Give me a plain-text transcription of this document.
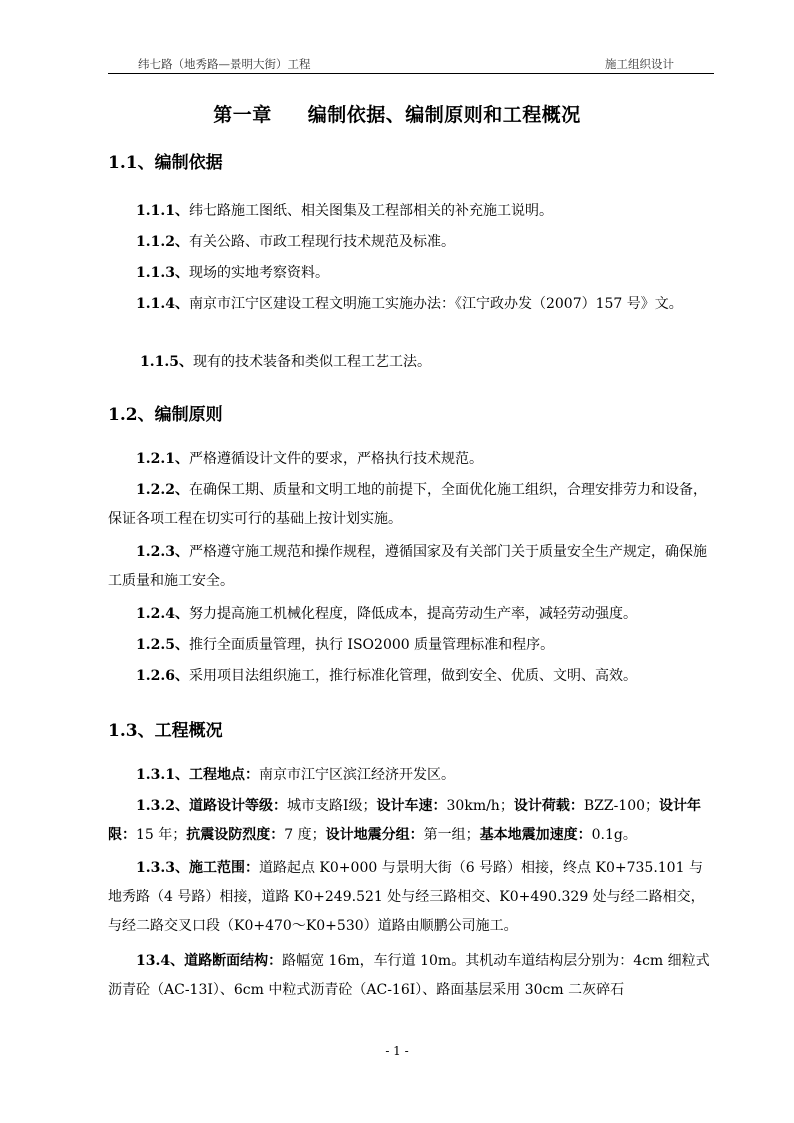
纬七路（地秀路—景明大街）工程	施工组织设计
第一章 编制依据、编制原则和工程概况
1.1、编制依据
1.1.1、纬七路施工图纸、相关图集及工程部相关的补充施工说明。
1.1.2、有关公路、市政工程现行技术规范及标准。
1.1.3、现场的实地考察资料。
1.1.4、南京市江宁区建设工程文明施工实施办法：《江宁政办发（2007）157 号》文。
1.1.5、现有的技术装备和类似工程工艺工法。
1.2、编制原则
1.2.1、严格遵循设计文件的要求，严格执行技术规范。
1.2.2、在确保工期、质量和文明工地的前提下，全面优化施工组织，合理安排劳力和设备，保证各项工程在切实可行的基础上按计划实施。
1.2.3、严格遵守施工规范和操作规程，遵循国家及有关部门关于质量安全生产规定，确保施工质量和施工安全。
1.2.4、努力提高施工机械化程度，降低成本，提高劳动生产率，减轻劳动强度。
1.2.5、推行全面质量管理，执行 ISO2000 质量管理标准和程序。
1.2.6、采用项目法组织施工，推行标准化管理，做到安全、优质、文明、高效。
1.3、工程概况
1.3.1、工程地点：南京市江宁区滨江经济开发区。
1.3.2、道路设计等级：城市支路Ⅰ级；设计车速：30km/h；设计荷载：BZZ-100；设计年限：15 年；抗震设防烈度：7 度；设计地震分组：第一组；基本地震加速度：0.1g。
1.3.3、施工范围：道路起点 K0+000 与景明大街（6 号路）相接，终点 K0+735.101 与地秀路（4 号路）相接，道路 K0+249.521 处与经三路相交、K0+490.329 处与经二路相交，与经二路交叉口段（K0+470～K0+530）道路由顺鹏公司施工。
13.4、道路断面结构：路幅宽 16m，车行道 10m。其机动车道结构层分别为：4cm 细粒式沥青砼（AC-13I）、6cm 中粒式沥青砼（AC-16I）、路面基层采用 30cm 二灰碎石
- 1 -
